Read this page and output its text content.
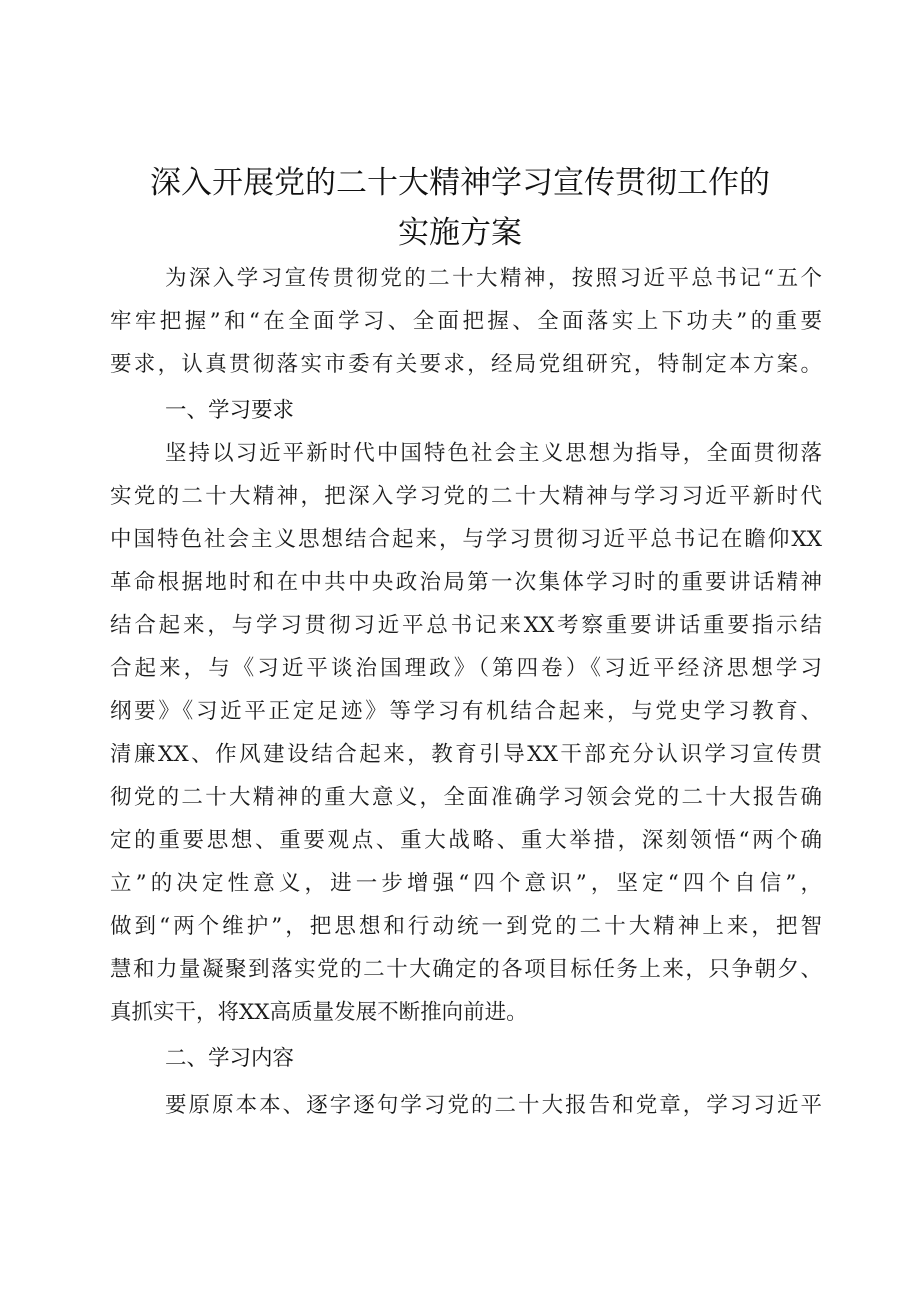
深入开展党的二十大精神学习宣传贯彻工作的
实施方案
为深入学习宣传贯彻党的二十大精神，按照习近平总书记“五个
牢牢把握”和“在全面学习、全面把握、全面落实上下功夫”的重要
要求，认真贯彻落实市委有关要求，经局党组研究，特制定本方案。
一、学习要求
坚持以习近平新时代中国特色社会主义思想为指导，全面贯彻落
实党的二十大精神，把深入学习党的二十大精神与学习习近平新时代
中国特色社会主义思想结合起来，与学习贯彻习近平总书记在瞻仰XX
革命根据地时和在中共中央政治局第一次集体学习时的重要讲话精神
结合起来，与学习贯彻习近平总书记来XX考察重要讲话重要指示结
合起来，与《习近平谈治国理政》（第四卷）《习近平经济思想学习
纲要》《习近平正定足迹》等学习有机结合起来，与党史学习教育、
清廉XX、作风建设结合起来，教育引导XX干部充分认识学习宣传贯
彻党的二十大精神的重大意义，全面准确学习领会党的二十大报告确
定的重要思想、重要观点、重大战略、重大举措，深刻领悟“两个确
立”的决定性意义，进一步增强“四个意识”，坚定“四个自信”，
做到“两个维护”，把思想和行动统一到党的二十大精神上来，把智
慧和力量凝聚到落实党的二十大确定的各项目标任务上来，只争朝夕、
真抓实干，将XX高质量发展不断推向前进。
二、学习内容
要原原本本、逐字逐句学习党的二十大报告和党章，学习习近平
